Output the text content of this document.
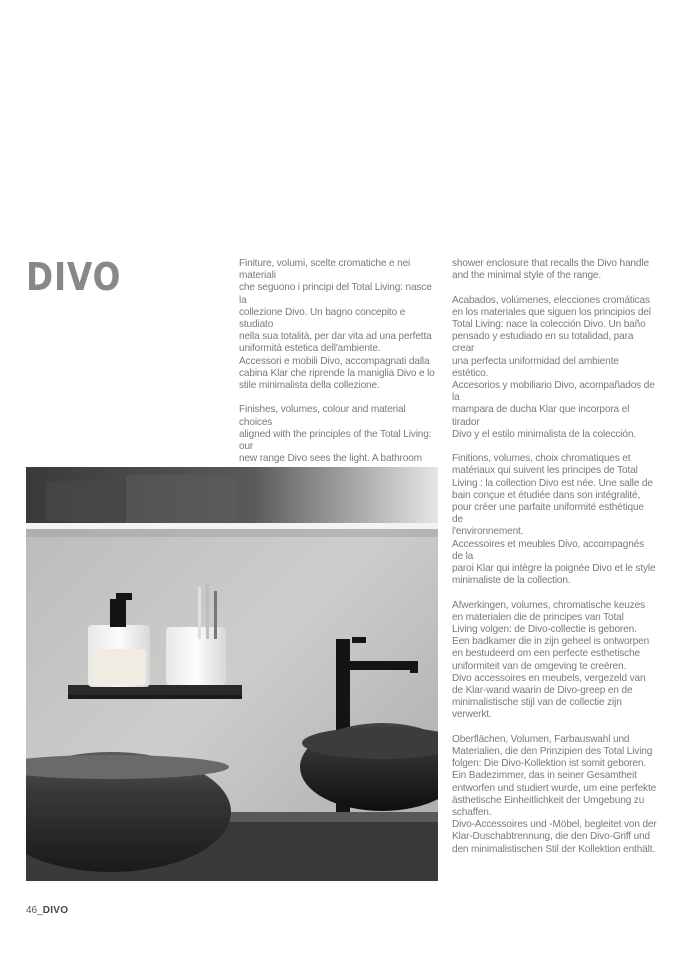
DIVO	Finiture, volumi, scelte cromatiche e nei materiali
che seguono i principi del Total Living: nasce la
collezione Divo. Un bagno concepito e studiato
nella sua totalità, per dar vita ad una perfetta
uniformità estetica dell'ambiente.
Accessori e mobili Divo, accompagnati dalla
cabina Klar che riprende la maniglia Divo e lo
stile minimalista della collezione.

Finishes, volumes, colour and material choices
aligned with the principles of the Total Living: our
new range Divo sees the light. A bathroom

shower enclosure that recalls the Divo handle
and the minimal style of the range.

Acabados, volúmenes, elecciones cromáticas
en los materiales que siguen los principios del
Total Living: nace la colección Divo. Un baño
pensado y estudiado en su totalidad, para crear
una perfecta uniformidad del ambiente estético.
Accesorios y mobiliario Divo, acompañados de la
mampara de ducha Klar que incorpora el tirador
Divo y el estilo minimalista de la colección.

Finitions, volumes, choix chromatiques et
matériaux qui suivent les principes de Total
Living : la collection Divo est née. Une salle de
bain conçue et étudiée dans son intégralité,
pour créer une parfaite uniformité esthétique de
l'environnement.
Accessoires et meubles Divo, accompagnés de la
paroi Klar qui intègre la poignée Divo et le style
minimaliste de la collection.

Afwerkingen, volumes, chromatische keuzes
en materialen die de principes van Total
Living volgen: de Divo-collectie is geboren.
Een badkamer die in zijn geheel is ontworpen
en bestudeerd om een perfecte esthetische
uniformiteit van de omgeving te creëren.
Divo accessoires en meubels, vergezeld van
de Klar-wand waarin de Divo-greep en de
minimalistische stijl van de collectie zijn verwerkt.

Oberflächen, Volumen, Farbauswahl und
Materialien, die den Prinzipien des Total Living
folgen: Die Divo-Kollektion ist somit geboren.
Ein Badezimmer, das in seiner Gesamtheit
entworfen und studiert wurde, um eine perfekte
ästhetische Einheitlichkeit der Umgebung zu
schaffen.
Divo-Accessoires und -Möbel, begleitet von der
Klar-Duschabtrennung, die den Divo-Griff und
den minimalistischen Stil der Kollektion enthält.

46_DIVO
